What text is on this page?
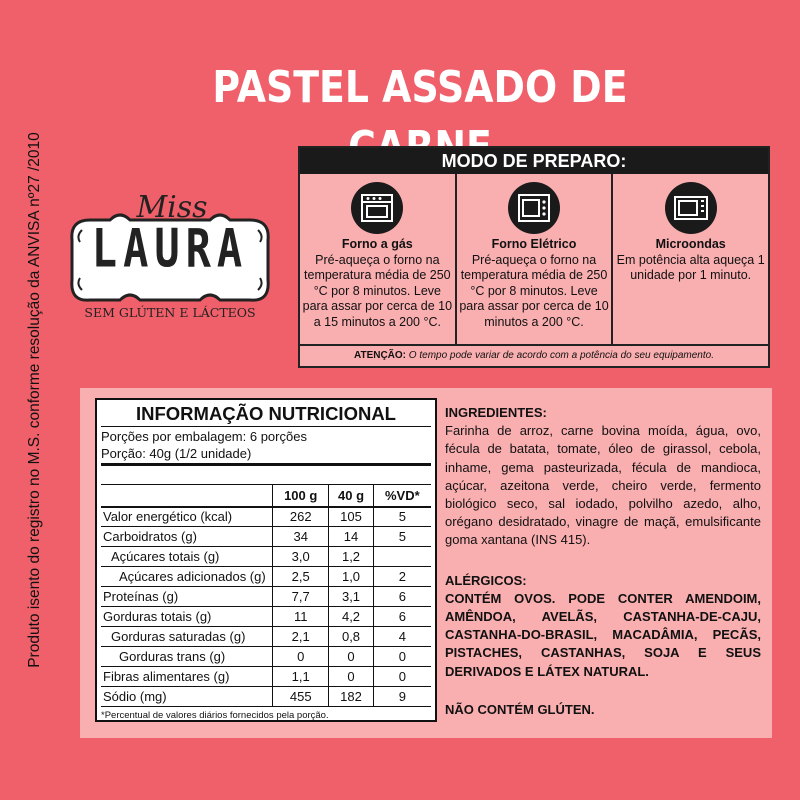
Produto isento do registro no M.S. conforme resolução da ANVISA nº27 /2010
PASTEL ASSADO DE
Miss
LAURA
SEM GLÚTEN E LÁCTEOS
MODO DE PREPARO:
Forno a gás
Pré-aqueça o forno na temperatura média de 250 °C por 8 minutos. Leve para assar por cerca de 10 a 15 minutos a 200 °C.
Forno Elétrico
Pré-aqueça o forno na temperatura média de 250 °C por 8 minutos. Leve para assar por cerca de 10 minutos a 200 °C.
Microondas
Em potência alta aqueça 1 unidade por 1 minuto.
ATENÇÃO: O tempo pode variar de acordo com a potência do seu equipamento.
INFORMAÇÃO NUTRICIONAL
Porções por embalagem: 6 porções
Porção: 40g (1/2 unidade)
	100 g	40 g	%VD*
Valor energético (kcal)	262	105	5
Carboidratos (g)	34	14	5
Açúcares totais (g)	3,0	1,2	
Açúcares adicionados (g)	2,5	1,0	2
Proteínas (g)	7,7	3,1	6
Gorduras totais (g)	11	4,2	6
Gorduras saturadas (g)	2,1	0,8	4
Gorduras trans (g)	0	0	0
Fibras alimentares (g)	1,1	0	0
Sódio (mg)	455	182	9
*Percentual de valores diários fornecidos pela porção.
INGREDIENTES:

Farinha de arroz, carne bovina moída, água, ovo, fécula de batata, tomate, óleo de girassol, cebola, inhame, gema pasteurizada, fécula de mandioca, açúcar, azeitona verde, cheiro verde, fermento biológico seco, sal iodado, polvilho azedo, alho, orégano desidratado, vinagre de maçã, emulsificante goma xantana (INS 415).

ALÉRGICOS:

CONTÉM OVOS. PODE CONTER AMENDOIM, AMÊNDOA, AVELÃS, CASTANHA-DE-CAJU, CASTANHA-DO-BRASIL, MACADÂMIA, PECÃS, PISTACHES, CASTANHAS, SOJA E SEUS DERIVADOS E LÁTEX NATURAL.

NÃO CONTÉM GLÚTEN.
